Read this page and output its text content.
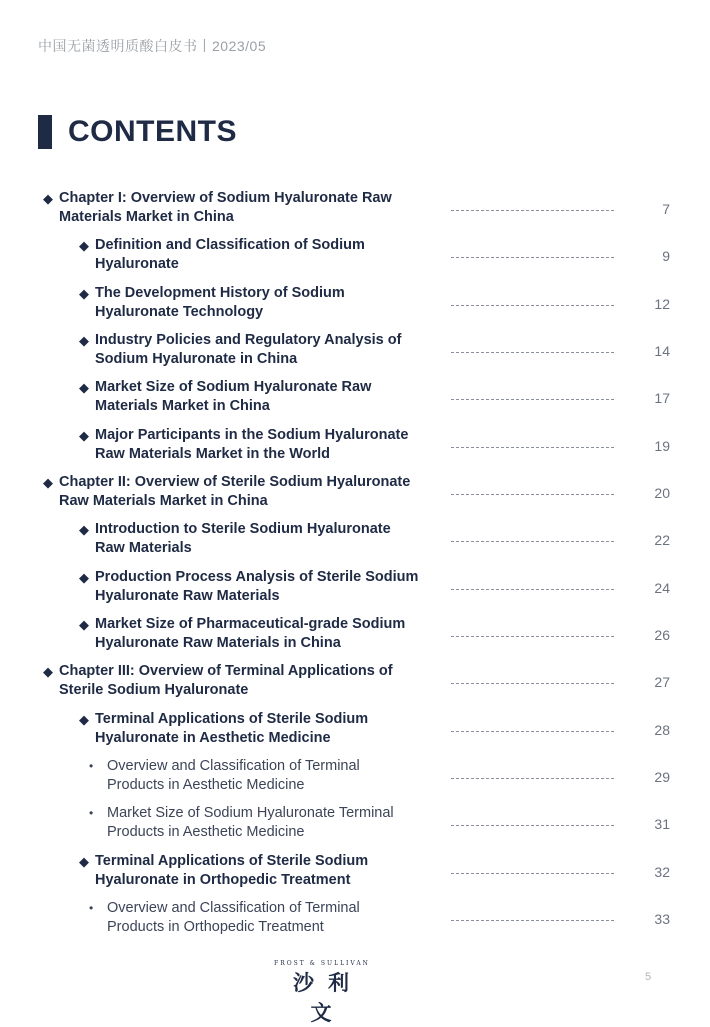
中国无菌透明质酸白皮书丨2023/05
CONTENTS
◆ Chapter I: Overview of Sodium Hyaluronate Raw
Materials Market in China	7
◆ Definition and Classification of Sodium
Hyaluronate	9
◆ The Development History of Sodium
Hyaluronate Technology	12
◆ Industry Policies and Regulatory Analysis of
Sodium Hyaluronate in China	14
◆ Market Size of Sodium Hyaluronate Raw
Materials Market in China	17
◆ Major Participants in the Sodium Hyaluronate
Raw Materials Market in the World	19
◆ Chapter II: Overview of Sterile Sodium Hyaluronate
Raw Materials Market in China	20
◆ Introduction to Sterile Sodium Hyaluronate
Raw Materials	22
◆ Production Process Analysis of Sterile Sodium
Hyaluronate Raw Materials	24
◆ Market Size of Pharmaceutical-grade Sodium
Hyaluronate Raw Materials in China	26
◆ Chapter III: Overview of Terminal Applications of
Sterile Sodium Hyaluronate	27
◆ Terminal Applications of Sterile Sodium
Hyaluronate in Aesthetic Medicine	28
• Overview and Classification of Terminal
Products in Aesthetic Medicine	29
• Market Size of Sodium Hyaluronate Terminal
Products in Aesthetic Medicine	31
◆ Terminal Applications of Sterile Sodium
Hyaluronate in Orthopedic Treatment	32
• Overview and Classification of Terminal
Products in Orthopedic Treatment	33
FROST & SULLIVAN
沙利文
5
